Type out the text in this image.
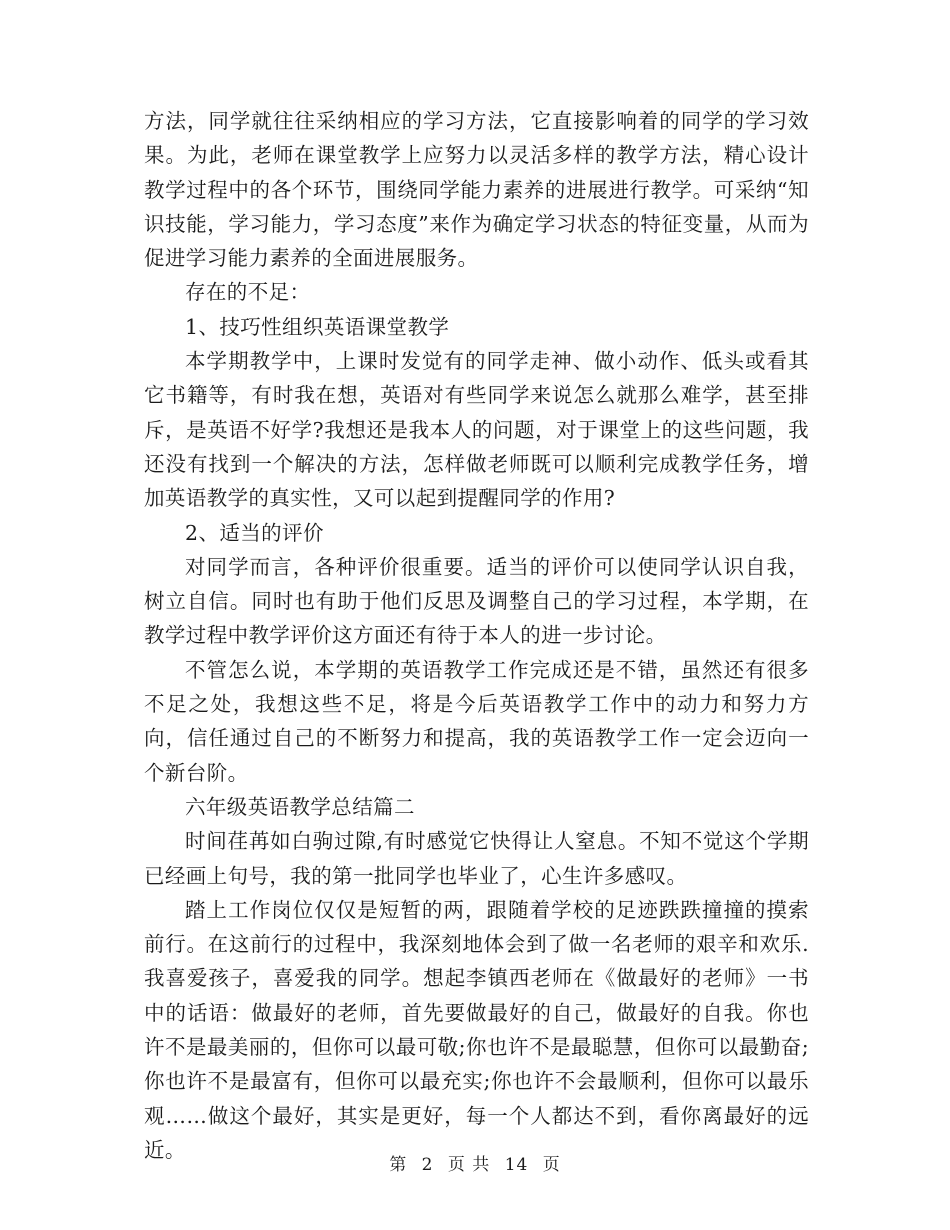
方法，同学就往往采纳相应的学习方法，它直接影响着的同学的学习效果。为此，老师在课堂教学上应努力以灵活多样的教学方法，精心设计教学过程中的各个环节，围绕同学能力素养的进展进行教学。可采纳“知识技能，学习能力，学习态度”来作为确定学习状态的特征变量，从而为促进学习能力素养的全面进展服务。

存在的不足：

1、技巧性组织英语课堂教学

本学期教学中，上课时发觉有的同学走神、做小动作、低头或看其它书籍等，有时我在想，英语对有些同学来说怎么就那么难学，甚至排斥，是英语不好学?我想还是我本人的问题，对于课堂上的这些问题，我还没有找到一个解决的方法，怎样做老师既可以顺利完成教学任务，增加英语教学的真实性，又可以起到提醒同学的作用?

2、适当的评价

对同学而言，各种评价很重要。适当的评价可以使同学认识自我，树立自信。同时也有助于他们反思及调整自己的学习过程，本学期，在教学过程中教学评价这方面还有待于本人的进一步讨论。

不管怎么说，本学期的英语教学工作完成还是不错，虽然还有很多不足之处，我想这些不足，将是今后英语教学工作中的动力和努力方向，信任通过自己的不断努力和提高，我的英语教学工作一定会迈向一个新台阶。

六年级英语教学总结篇二

时间荏苒如白驹过隙,有时感觉它快得让人窒息。不知不觉这个学期已经画上句号，我的第一批同学也毕业了，心生许多感叹。

踏上工作岗位仅仅是短暂的两，跟随着学校的足迹跌跌撞撞的摸索前行。在这前行的过程中，我深刻地体会到了做一名老师的艰辛和欢乐.我喜爱孩子，喜爱我的同学。想起李镇西老师在《做最好的老师》一书中的话语：做最好的老师，首先要做最好的自己，做最好的自我。你也许不是最美丽的，但你可以最可敬;你也许不是最聪慧，但你可以最勤奋;你也许不是最富有，但你可以最充实;你也许不会最顺利，但你可以最乐观……做这个最好，其实是更好，每一个人都达不到，看你离最好的远近。

第 2 页 共 14 页
